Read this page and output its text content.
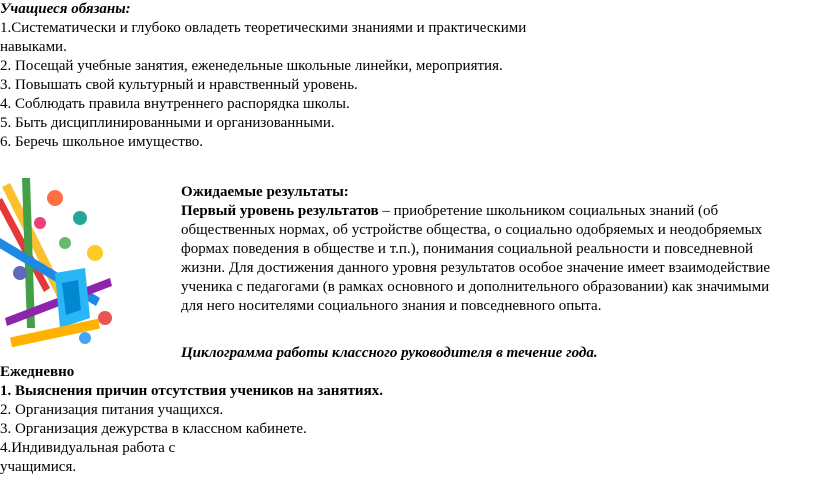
Учащиеся обязаны:
1.Систематически и глубоко овладеть теоретическими знаниями и практическими
навыками.
2. Посещай учебные занятия, еженедельные школьные линейки, мероприятия.
3. Повышать свой культурный и нравственный уровень.
4. Соблюдать правила внутреннего распорядка школы.
5. Быть дисциплинированными и организованными.
6. Беречь школьное имущество.
Ожидаемые результаты:
Первый уровень результатов – приобретение школьником социальных знаний (об
общественных нормах, об устройстве общества, о социально одобряемых и неодобряемых
формах поведения в обществе и т.п.), понимания социальной реальности и повседневной
жизни. Для достижения данного уровня результатов особое значение имеет взаимодействие
ученика с педагогами (в рамках основного и дополнительного образовании) как значимыми
для него носителями социального знания и повседневного опыта.
Циклограмма работы классного руководителя в течение года.
Ежедневно
1. Выяснения причин отсутствия учеников на занятиях.
2. Организация питания учащихся.
3. Организация дежурства в классном кабинете.
4.Индивидуальная работа с
учащимися.
